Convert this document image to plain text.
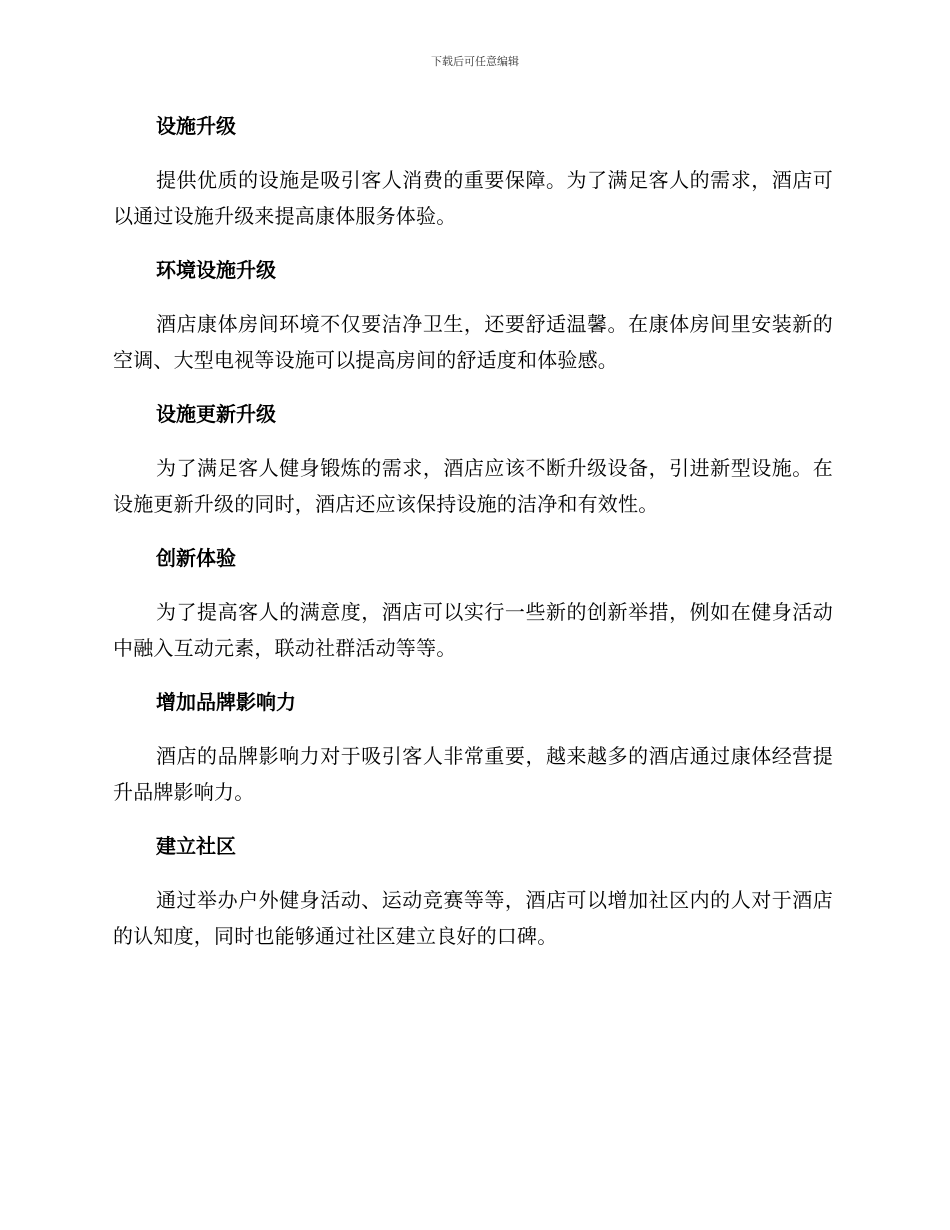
下载后可任意编辑
设施升级

提供优质的设施是吸引客人消费的重要保障。为了满足客人的需求，酒店可以通过设施升级来提高康体服务体验。

环境设施升级

酒店康体房间环境不仅要洁净卫生，还要舒适温馨。在康体房间里安装新的空调、大型电视等设施可以提高房间的舒适度和体验感。

设施更新升级

为了满足客人健身锻炼的需求，酒店应该不断升级设备，引进新型设施。在设施更新升级的同时，酒店还应该保持设施的洁净和有效性。

创新体验

为了提高客人的满意度，酒店可以实行一些新的创新举措，例如在健身活动中融入互动元素，联动社群活动等等。

增加品牌影响力

酒店的品牌影响力对于吸引客人非常重要，越来越多的酒店通过康体经营提升品牌影响力。

建立社区

通过举办户外健身活动、运动竞赛等等，酒店可以增加社区内的人对于酒店的认知度，同时也能够通过社区建立良好的口碑。
